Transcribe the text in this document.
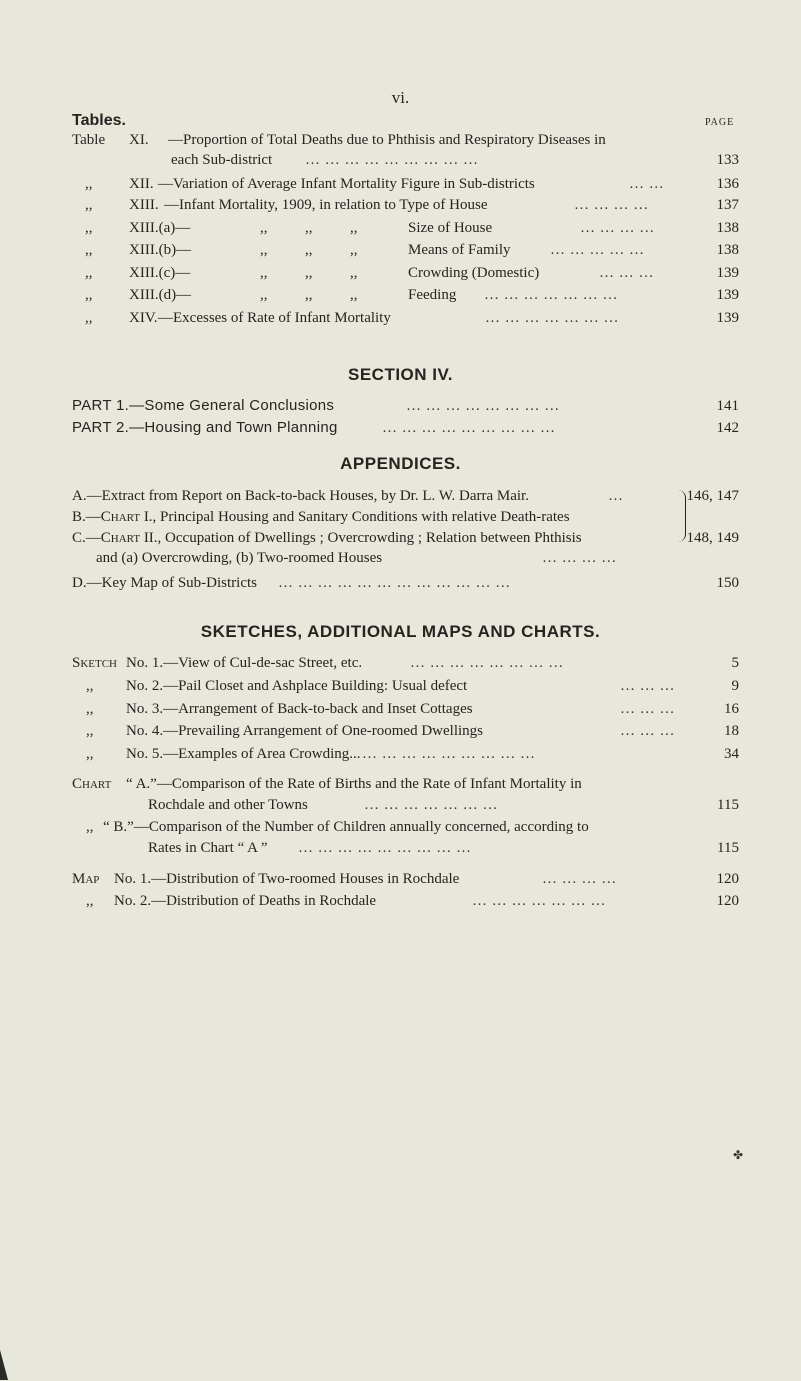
vi.
Tables.	PAGE
Table XI. —Proportion of Total Deaths due to Phthisis and Respiratory Diseases in
each Sub-district … … … … … … … … …	133
,, XII. —Variation of Average Infant Mortality Figure in Sub-districts	… …	136
,, XIII. —Infant Mortality, 1909, in relation to Type of House	… … … …	137
,, XIII.(a)—	,,          ,,          ,,	Size of House	… … … …	138
,, XIII.(b)—	,,          ,,          ,,	Means of Family	… … … … …	138
,, XIII.(c)—	,,          ,,          ,,	Crowding (Domestic)	… … …	139
,, XIII.(d)—	,,          ,,          ,,	Feeding … … … … … … …	139
,, XIV. —Excesses of Rate of Infant Mortality	… … … … … … …	139
SECTION IV.
PART 1.—Some General Conclusions	… … … … … … … …	141
PART 2.—Housing and Town Planning	… … … … … … … … …	142
APPENDICES.
A.—Extract from Report on Back-to-back Houses, by Dr. L. W. Darra Mair.	…	146, 147
B.—Chart I., Principal Housing and Sanitary Conditions with relative Death-rates
C.—Chart II., Occupation of Dwellings ; Overcrowding ; Relation between Phthisis	148, 149
and (a) Overcrowding, (b) Two-roomed Houses	… … … …
D.—Key Map of Sub-Districts … … … … … … … … … … … …	150
SKETCHES, ADDITIONAL MAPS AND CHARTS.
Sketch No. 1.—View of Cul-de-sac Street, etc.	… … … … … … … …	5
,, No. 2.—Pail Closet and Ashplace Building: Usual defect	… … …	9
,, No. 3.—Arrangement of Back-to-back and Inset Cottages	… … …	16
,, No. 4.—Prevailing Arrangement of One-roomed Dwellings	… … …	18
,, No. 5.—Examples of Area Crowding... … … … … … … … … …	34
Chart “ A.”—Comparison of the Rate of Births and the Rate of Infant Mortality in
Rochdale and other Towns	… … … … … … …	115
,, “ B.”—Comparison of the Number of Children annually concerned, according to
Rates in Chart “ A ” … … … … … … … … …	115
Map No. 1.—Distribution of Two-roomed Houses in Rochdale	… … … …	120
,, No. 2.—Distribution of Deaths in Rochdale	… … … … … … …	120
✤
